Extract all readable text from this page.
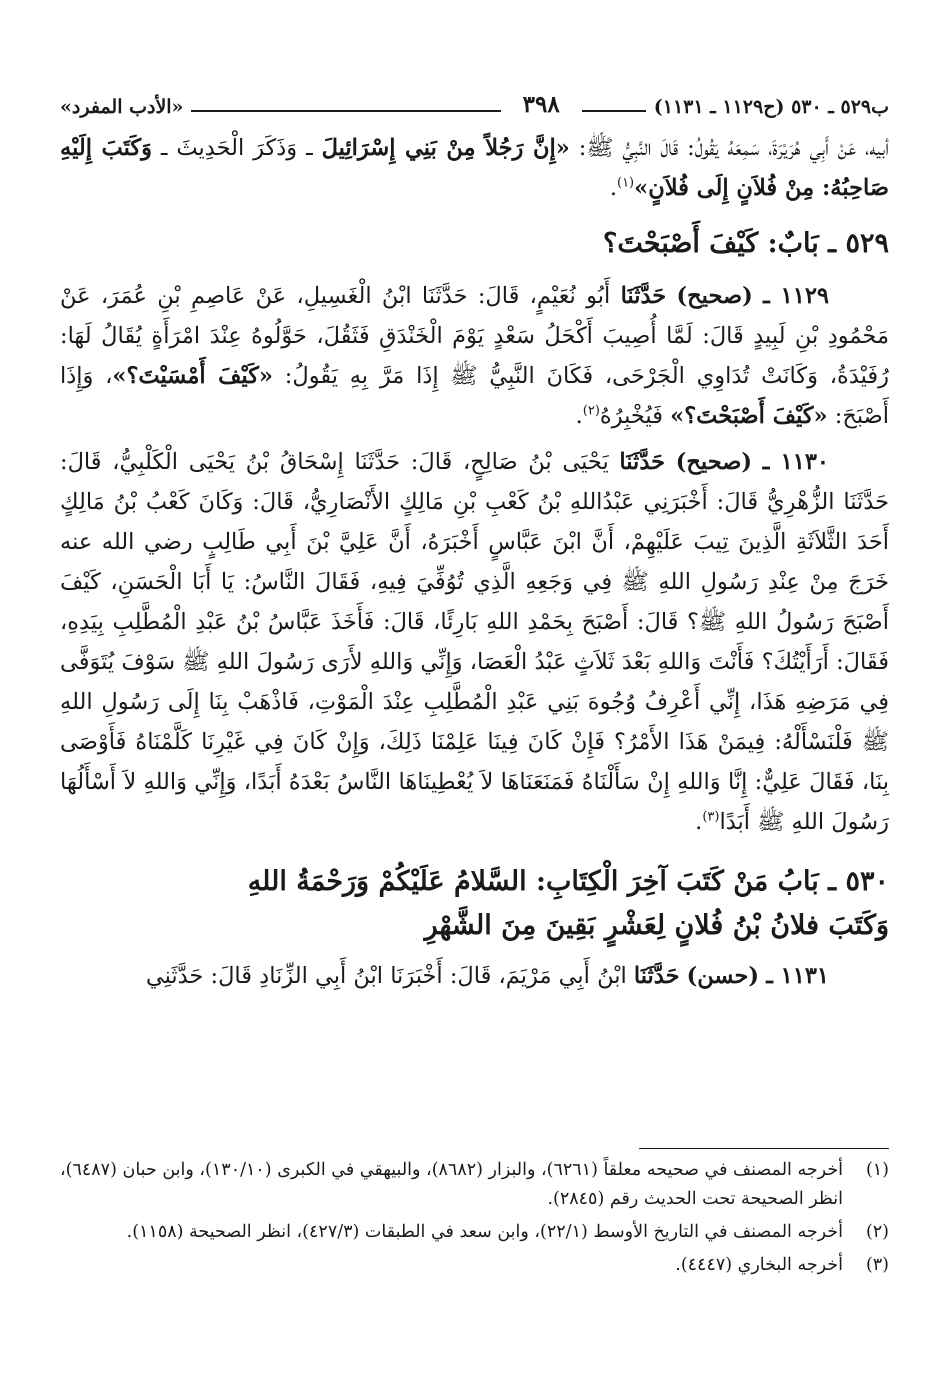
ب٥٢٩ ـ ٥٣٠ (ح١١٢٩ ـ ١١٣١)
٣٩٨
«الأدب المفرد»

أبيه، عَنْ أَبِي هُرَيْرَةَ، سَمِعَهُ يَقُولُ: قَالَ النَّبِيُّ ﷺ: «إِنَّ رَجُلاً مِنْ بَنِي إِسْرَائِيلَ ـ وَذَكَرَ الْحَدِيثَ ـ وَكَتَبَ إِلَيْهِ صَاحِبُهُ: مِنْ فُلاَنٍ إِلَى فُلاَنٍ»$^{(١)}$.

٥٢٩ ـ بَابٌ: كَيْفَ أَصْبَحْتَ؟

١١٢٩ ـ (صحيح) حَدَّثَنَا أَبُو نُعَيْمٍ، قَالَ: حَدَّثَنَا ابْنُ الْغَسِيلِ، عَنْ عَاصِمِ بْنِ عُمَرَ، عَنْ مَحْمُودِ بْنِ لَبِيدٍ قَالَ: لَمَّا أُصِيبَ أَكْحَلُ سَعْدٍ يَوْمَ الْخَنْدَقِ فَثَقُلَ، حَوَّلُوهُ عِنْدَ امْرَأَةٍ يُقَالُ لَهَا: رُفَيْدَةُ، وَكَانَتْ تُدَاوِي الْجَرْحَى، فَكَانَ النَّبِيُّ ﷺ إِذَا مَرَّ بِهِ يَقُولُ: «كَيْفَ أَمْسَيْتَ؟»، وَإِذَا أَصْبَحَ: «كَيْفَ أَصْبَحْتَ؟» فَيُخْبِرُهُ$^{(٢)}$.

١١٣٠ ـ (صحيح) حَدَّثَنَا يَحْيَى بْنُ صَالِحٍ، قَالَ: حَدَّثَنَا إِسْحَاقُ بْنُ يَحْيَى الْكَلْبِيُّ، قَالَ: حَدَّثَنَا الزُّهْرِيُّ قَالَ: أَخْبَرَنِي عَبْدُاللهِ بْنُ كَعْبِ بْنِ مَالِكٍ الأَنْصَارِيُّ، قَالَ: وَكَانَ كَعْبُ بْنُ مَالِكٍ أَحَدَ الثَّلاَثَةِ الَّذِينَ تِيبَ عَلَيْهِمْ، أَنَّ ابْنَ عَبَّاسٍ أَخْبَرَهُ، أَنَّ عَلِيَّ بْنَ أَبِي طَالِبٍ رضي الله عنه خَرَجَ مِنْ عِنْدِ رَسُولِ اللهِ ﷺ فِي وَجَعِهِ الَّذِي تُوُفِّيَ فِيهِ، فَقَالَ النَّاسُ: يَا أَبَا الْحَسَنِ، كَيْفَ أَصْبَحَ رَسُولُ اللهِ ﷺ؟ قَالَ: أَصْبَحَ بِحَمْدِ اللهِ بَارِئًا، قَالَ: فَأَخَذَ عَبَّاسُ بْنُ عَبْدِ الْمُطَّلِبِ بِيَدِهِ، فَقَالَ: أَرَأَيْتُكَ؟ فَأَنْتَ وَاللهِ بَعْدَ ثَلاَثٍ عَبْدُ الْعَصَا، وَإِنِّي وَاللهِ لأَرَى رَسُولَ اللهِ ﷺ سَوْفَ يُتَوَفَّى فِي مَرَضِهِ هَذَا، إِنِّي أَعْرِفُ وُجُوهَ بَنِي عَبْدِ الْمُطَّلِبِ عِنْدَ الْمَوْتِ، فَاذْهَبْ بِنَا إِلَى رَسُولِ اللهِ ﷺ فَلْنَسْأَلْهُ: فِيمَنْ هَذَا الأَمْرُ؟ فَإِنْ كَانَ فِينَا عَلِمْنَا ذَلِكَ، وَإِنْ كَانَ فِي غَيْرِنَا كَلَّمْنَاهُ فَأَوْصَى بِنَا، فَقَالَ عَلِيٌّ: إِنَّا وَاللهِ إِنْ سَأَلْنَاهُ فَمَنَعَنَاهَا لاَ يُعْطِينَاهَا النَّاسُ بَعْدَهُ أَبَدًا، وَإِنِّي وَاللهِ لاَ أَسْأَلُهَا رَسُولَ اللهِ ﷺ أَبَدًا$^{(٣)}$.

٥٣٠ ـ بَابُ مَنْ كَتَبَ آخِرَ الْكِتَابِ: السَّلامُ عَلَيْكُمْ وَرَحْمَةُ اللهِ

وَكَتَبَ فلانُ بْنُ فُلانٍ لِعَشْرٍ بَقِينَ مِنَ الشَّهْرِ

١١٣١ ـ (حسن) حَدَّثَنَا ابْنُ أَبِي مَرْيَمَ، قَالَ: أَخْبَرَنَا ابْنُ أَبِي الزِّنَادِ قَالَ: حَدَّثَنِي

(١)
أخرجه المصنف في صحيحه معلقاً (٦٢٦١)، والبزار (٨٦٨٢)، والبيهقي في الكبرى (١٣٠/١٠)، وابن حبان (٦٤٨٧)، انظر الصحيحة تحت الحديث رقم (٢٨٤٥).
(٢)
أخرجه المصنف في التاريخ الأوسط (٢٢/١)، وابن سعد في الطبقات (٤٢٧/٣)، انظر الصحيحة (١١٥٨).
(٣)
أخرجه البخاري (٤٤٤٧).
